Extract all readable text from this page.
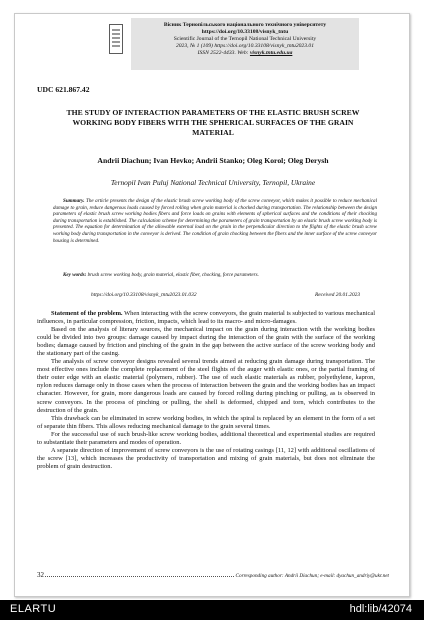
Вісник Тернопільського національного технічного університету
https://doi.org/10.33108/visnyk_tntu
Scientific Journal of the Ternopil National Technical University
2023, № 1 (109) https://doi.org/10.33108/visnyk_tntu2023.01
ISSN 2522-4433. Web: visnyk.tntu.edu.ua
UDC 621.867.42
THE STUDY OF INTERACTION PARAMETERS OF THE ELASTIC BRUSH SCREW WORKING BODY FIBERS WITH THE SPHERICAL SURFACES OF THE GRAIN MATERIAL
Andrii Diachun; Ivan Hevko; Andrii Stanko; Oleg Korol; Oleg Derysh
Ternopil Ivan Puluj National Technical University, Ternopil, Ukraine
Summary. The article presents the design of the elastic brush screw working body of the screw conveyor, which makes it possible to reduce mechanical damage to grain, reduce dangerous loads caused by forced rolling when grain material is chocked during transportation. The relationship between the design parameters of elastic brush screw working bodies fibers and force loads on grains with elements of spherical surfaces and the conditions of their chocking during transportation is established. The calculation scheme for determining the parameters of grain transportation by an elastic brush screw working body is presented. The equation for determination of the allowable external load on the grain in the perpendicular direction to the flights of the elastic brush screw working body during transportation in the conveyor is derived. The condition of grain chocking between the fibers and the inner surface of the screw conveyor housing is determined.
Key words: brush screw working body, grain material, elastic fiber, chocking, force parameters.
https://doi.org/10.33108/visnyk_tntu2023.01.032	Received 20.01.2023

Statement of the problem. When interacting with the screw conveyors, the grain material is subjected to various mechanical influences, in particular compression, friction, impacts, which lead to its macro- and micro-damages.

Based on the analysis of literary sources, the mechanical impact on the grain during interaction with the working bodies could be divided into two groups: damage caused by impact during the interaction of the grain with the surface of the working bodies; damage caused by friction and pinching of the grain in the gap between the active surface of the screw working body and the stationary part of the casing.

The analysis of screw conveyor designs revealed several trends aimed at reducing grain damage during transportation. The most effective ones include the complete replacement of the steel flights of the auger with elastic ones, or the partial framing of their outer edge with an elastic material (polymers, rubber). The use of such elastic materials as rubber, polyethylene, kapron, nylon reduces damage only in those cases when the process of interaction between the grain and the working bodies has an impact character. However, for grain, more dangerous loads are caused by forced rolling during pinching or pulling, as is observed in screw conveyors. In the process of pinching or pulling, the shell is deformed, chipped and torn, which contributes to the destruction of the grain.

This drawback can be eliminated in screw working bodies, in which the spiral is replaced by an element in the form of a set of separate thin fibers. This allows reducing mechanical damage to the grain several times.

For the successful use of such brush-like screw working bodies, additional theoretical and experimental studies are required to substantiate their parameters and modes of operation.

A separate direction of improvement of screw conveyors is the use of rotating casings [11, 12] with additional oscillations of the screw [13], which increases the productivity of transportation and mixing of grain materials, but does not eliminate the problem of grain destruction.

32	Corresponding author: Andrii Diachun; e-mail: dyachun_andriy@ukr.net
ELARTU	hdl:lib/42074
